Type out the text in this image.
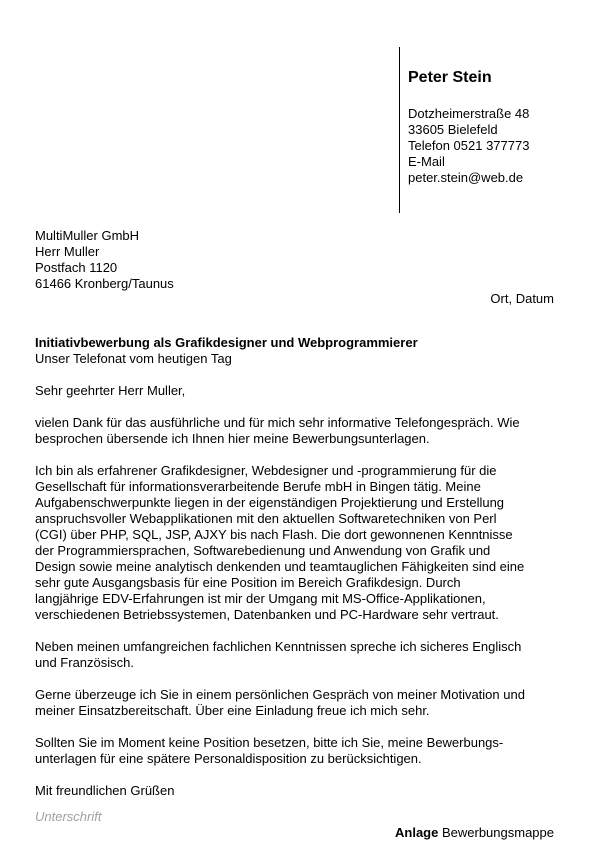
Peter Stein
Dotzheimerstraße 48
33605 Bielefeld
Telefon 0521 377773
E-Mail
peter.stein@web.de
MultiMuller GmbH
Herr Muller
Postfach 1120
61466 Kronberg/Taunus
Ort, Datum
Initiativbewerbung als Grafikdesigner und Webprogrammierer
Unser Telefonat vom heutigen Tag
Sehr geehrter Herr Muller,
vielen Dank für das ausführliche und für mich sehr informative Telefongespräch. Wie
besprochen übersende ich Ihnen hier meine Bewerbungsunterlagen.
Ich bin als erfahrener Grafikdesigner, Webdesigner und -programmierung für die
Gesellschaft für informationsverarbeitende Berufe mbH in Bingen tätig. Meine
Aufgabenschwerpunkte liegen in der eigenständigen Projektierung und Erstellung
anspruchsvoller Webapplikationen mit den aktuellen Softwaretechniken von Perl
(CGI) über PHP, SQL, JSP, AJXY bis nach Flash. Die dort gewonnenen Kenntnisse
der Programmiersprachen, Softwarebedienung und Anwendung von Grafik und
Design sowie meine analytisch denkenden und teamtauglichen Fähigkeiten sind eine
sehr gute Ausgangsbasis für eine Position im Bereich Grafikdesign. Durch
langjährige EDV-Erfahrungen ist mir der Umgang mit MS-Office-Applikationen,
verschiedenen Betriebssystemen, Datenbanken und PC-Hardware sehr vertraut.
Neben meinen umfangreichen fachlichen Kenntnissen spreche ich sicheres Englisch
und Französisch.
Gerne überzeuge ich Sie in einem persönlichen Gespräch von meiner Motivation und
meiner Einsatzbereitschaft. Über eine Einladung freue ich mich sehr.
Sollten Sie im Moment keine Position besetzen, bitte ich Sie, meine Bewerbungs-
unterlagen für eine spätere Personaldisposition zu berücksichtigen.
Mit freundlichen Grüßen
Unterschrift
Anlage Bewerbungsmappe
